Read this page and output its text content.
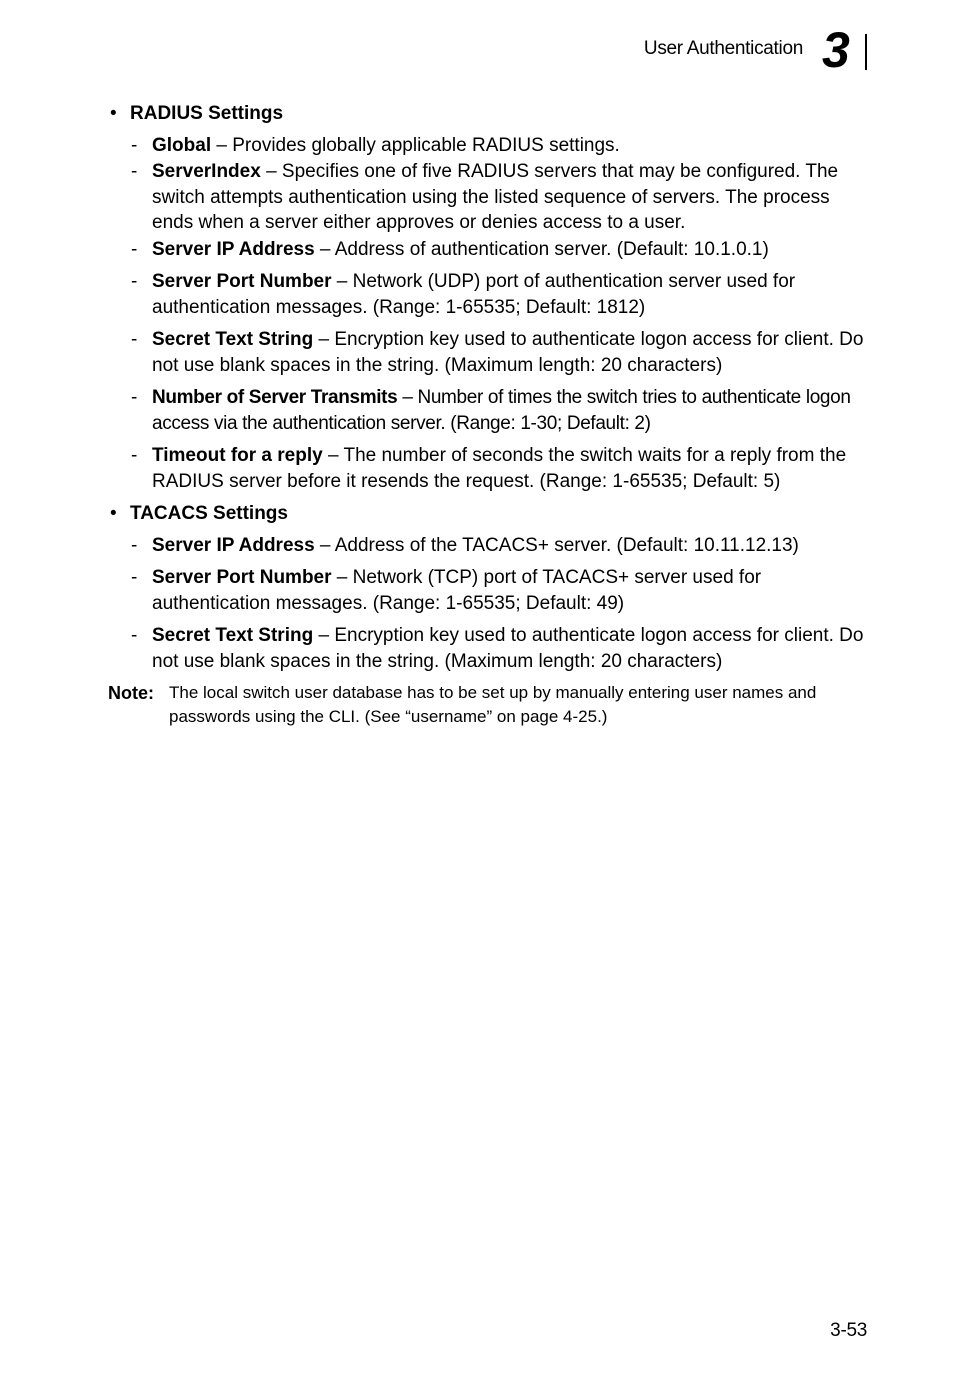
User Authentication 3
• RADIUS Settings
- Global – Provides globally applicable RADIUS settings.
- ServerIndex – Specifies one of five RADIUS servers that may be configured. The switch attempts authentication using the listed sequence of servers. The process ends when a server either approves or denies access to a user.
- Server IP Address – Address of authentication server. (Default: 10.1.0.1)
- Server Port Number – Network (UDP) port of authentication server used for authentication messages. (Range: 1-65535; Default: 1812)
- Secret Text String – Encryption key used to authenticate logon access for client. Do not use blank spaces in the string. (Maximum length: 20 characters)
- Number of Server Transmits – Number of times the switch tries to authenticate logon access via the authentication server. (Range: 1-30; Default: 2)
- Timeout for a reply – The number of seconds the switch waits for a reply from the RADIUS server before it resends the request. (Range: 1-65535; Default: 5)
• TACACS Settings
- Server IP Address – Address of the TACACS+ server. (Default: 10.11.12.13)
- Server Port Number – Network (TCP) port of TACACS+ server used for authentication messages. (Range: 1-65535; Default: 49)
- Secret Text String – Encryption key used to authenticate logon access for client. Do not use blank spaces in the string. (Maximum length: 20 characters)
Note: The local switch user database has to be set up by manually entering user names and passwords using the CLI. (See “username” on page 4-25.)
3-53
